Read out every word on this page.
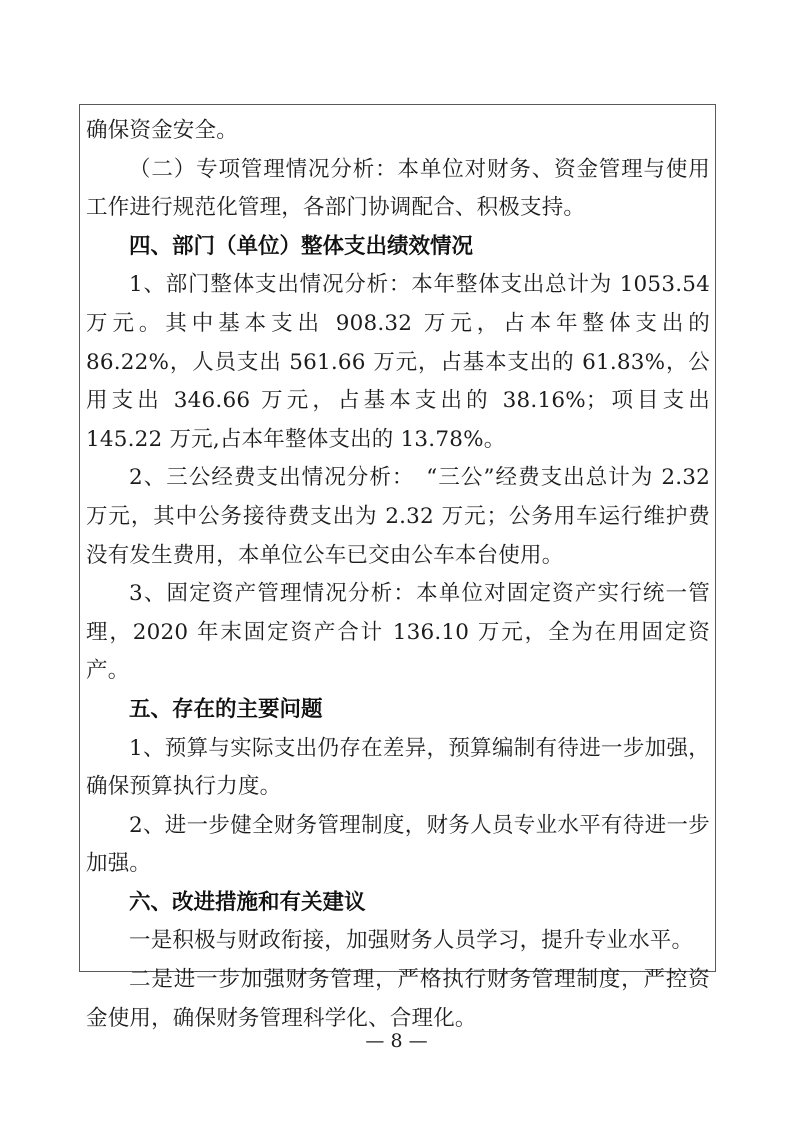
确保资金安全。

（二）专项管理情况分析：本单位对财务、资金管理与使用工作进行规范化管理，各部门协调配合、积极支持。

四、部门（单位）整体支出绩效情况

1、部门整体支出情况分析：本年整体支出总计为 1053.54 万元。其中基本支出 908.32 万元，占本年整体支出的 86.22%，人员支出 561.66 万元，占基本支出的 61.83%，公用支出 346.66 万元，占基本支出的 38.16%；项目支出 145.22 万元,占本年整体支出的 13.78%。

2、三公经费支出情况分析：　“三公”经费支出总计为 2.32 万元，其中公务接待费支出为 2.32 万元；公务用车运行维护费没有发生费用，本单位公车已交由公车本台使用。

3、固定资产管理情况分析：本单位对固定资产实行统一管理，2020 年末固定资产合计 136.10 万元，全为在用固定资产。

五、存在的主要问题

1、预算与实际支出仍存在差异，预算编制有待进一步加强，确保预算执行力度。

2、进一步健全财务管理制度，财务人员专业水平有待进一步加强。

六、改进措施和有关建议

一是积极与财政衔接，加强财务人员学习，提升专业水平。

二是进一步加强财务管理，严格执行财务管理制度，严控资金使用，确保财务管理科学化、合理化。

— 8 —
